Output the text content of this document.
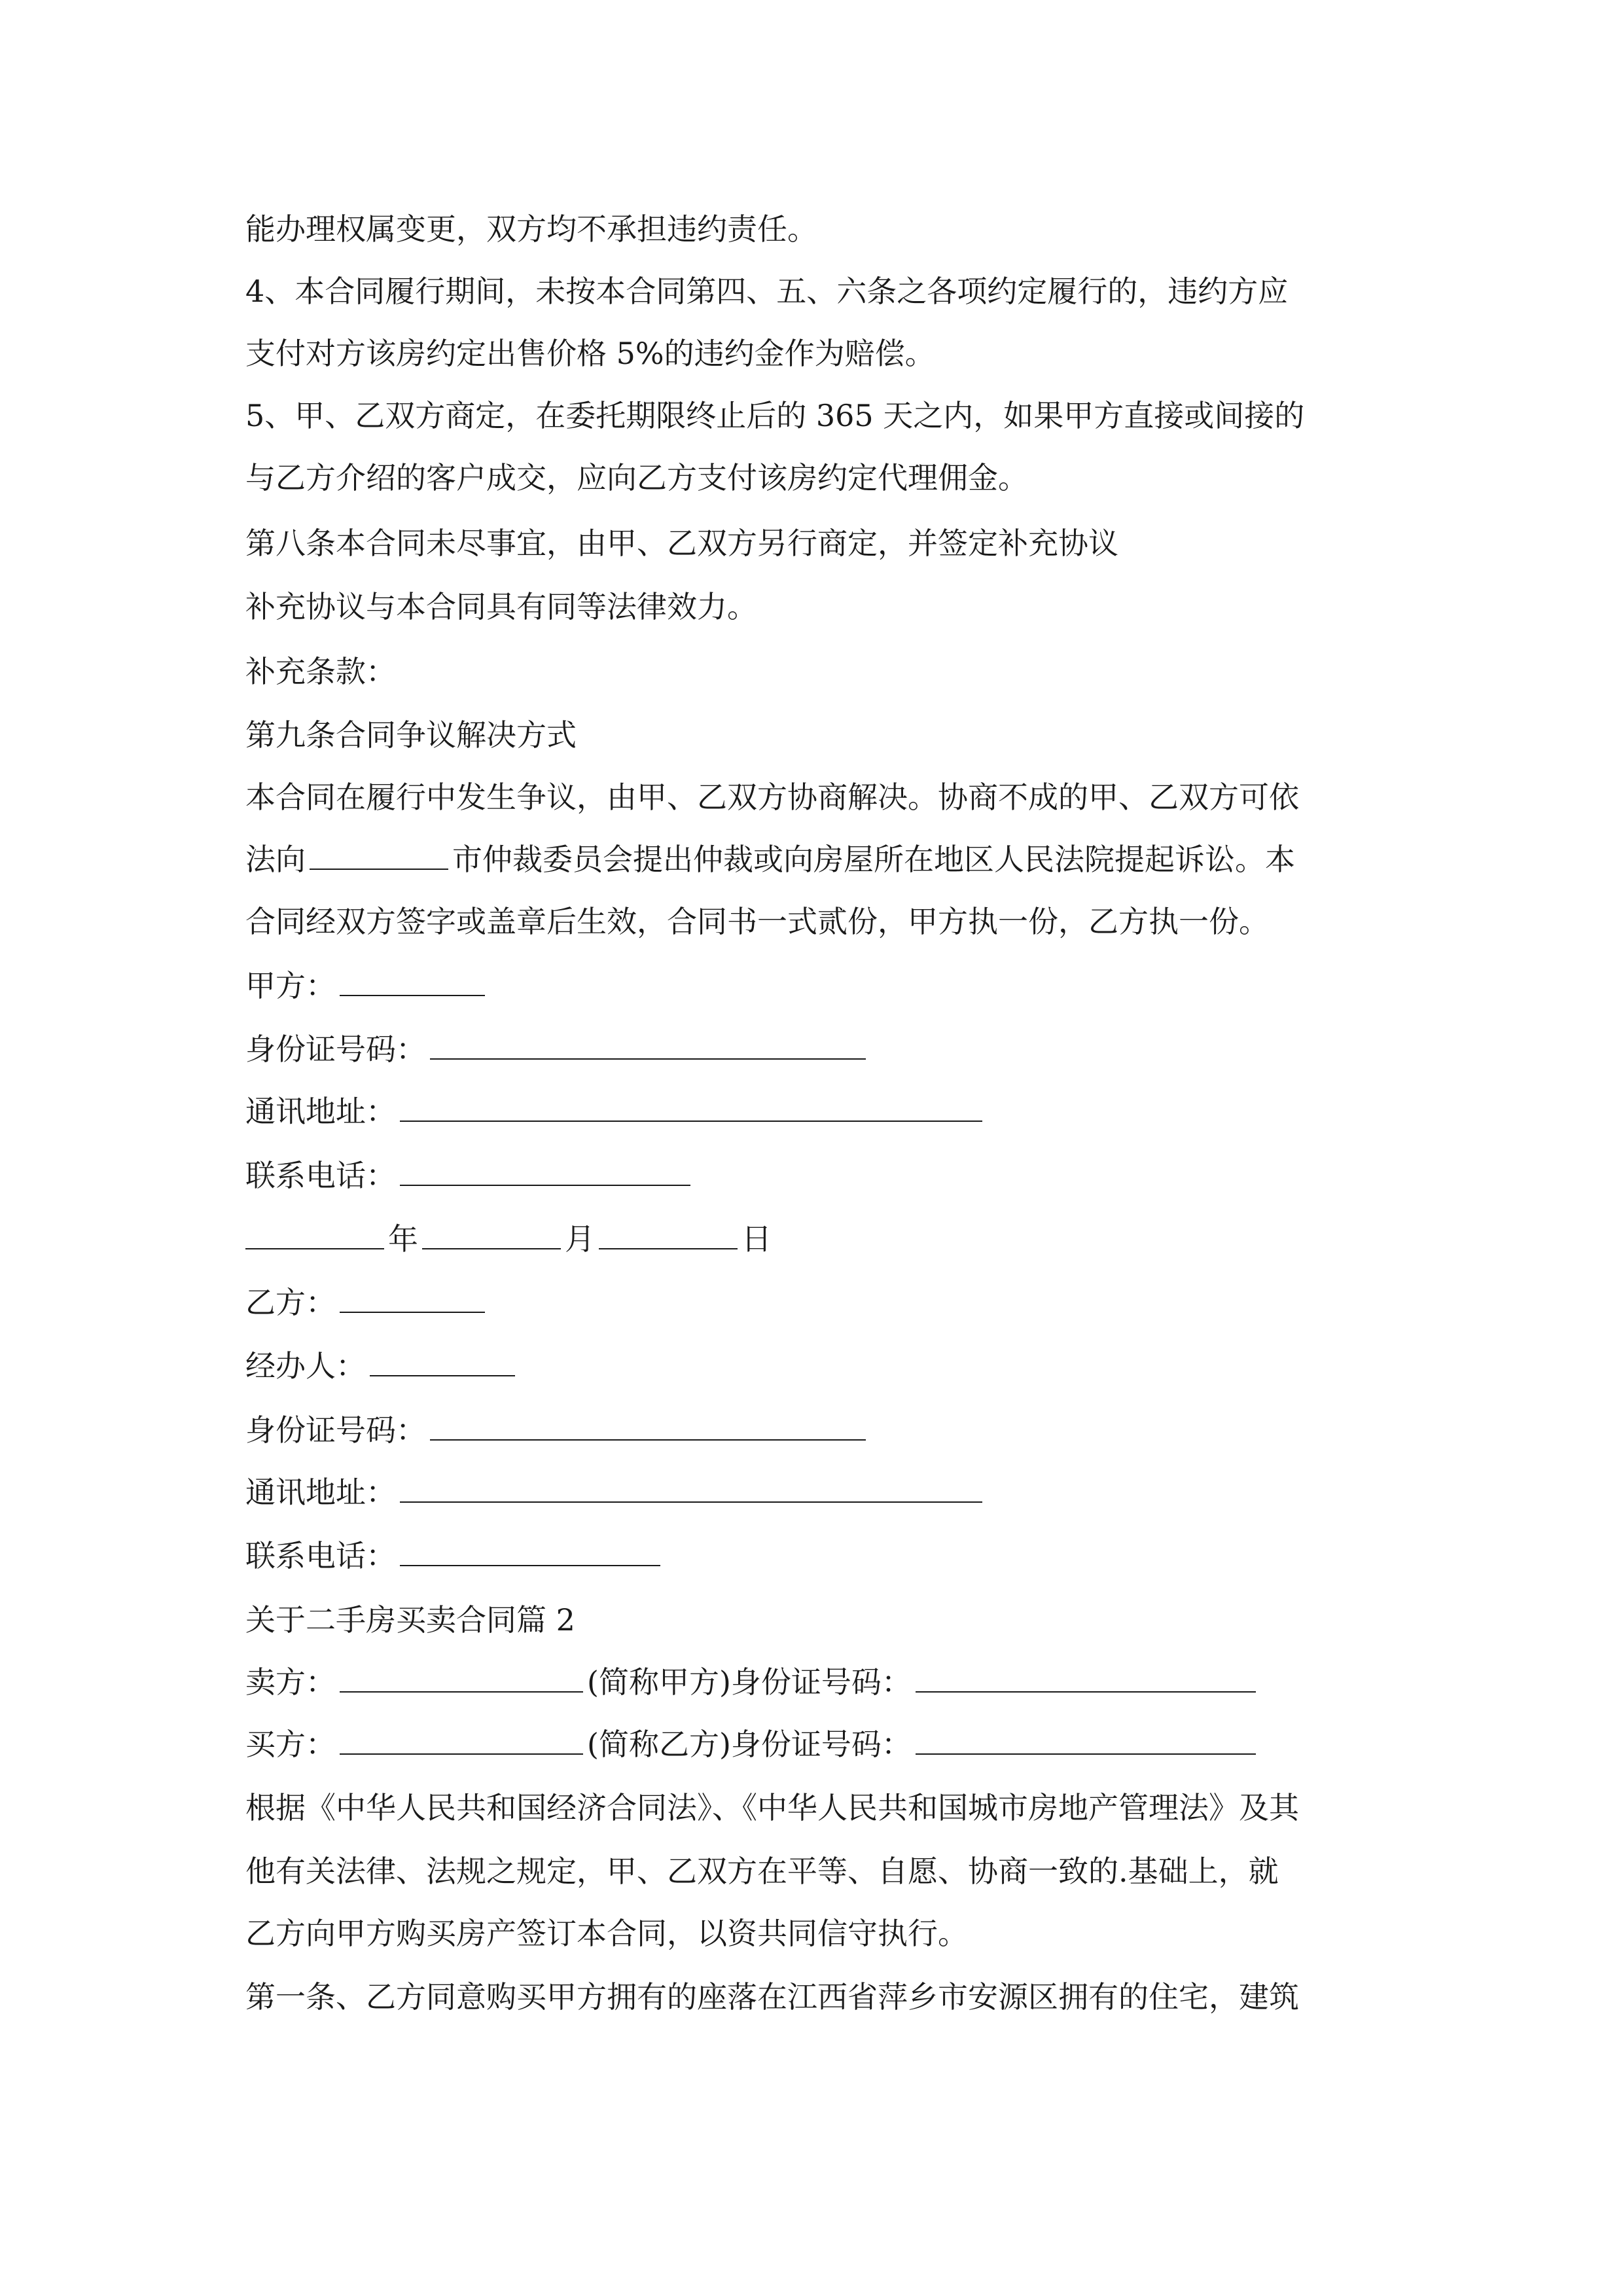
能办理权属变更，双方均不承担违约责任。
4、本合同履行期间，未按本合同第四、五、六条之各项约定履行的，违约方应
支付对方该房约定出售价格 5%的违约金作为赔偿。
5、甲、乙双方商定，在委托期限终止后的 365 天之内，如果甲方直接或间接的
与乙方介绍的客户成交，应向乙方支付该房约定代理佣金。
第八条本合同未尽事宜，由甲、乙双方另行商定，并签定补充协议
补充协议与本合同具有同等法律效力。
补充条款：
第九条合同争议解决方式
本合同在履行中发生争议，由甲、乙双方协商解决。协商不成的甲、乙双方可依
法向	市仲裁委员会提出仲裁或向房屋所在地区人民法院提起诉讼。本
合同经双方签字或盖章后生效，合同书一式贰份，甲方执一份，乙方执一份。
甲方：
身份证号码：
通讯地址：
联系电话：
年	月	日
乙方：
经办人：
身份证号码：
通讯地址：
联系电话：
关于二手房买卖合同篇 2
卖方：	(简称甲方)身份证号码：
买方：	(简称乙方)身份证号码：
根据《中华人民共和国经济合同法》、《中华人民共和国城市房地产管理法》及其
他有关法律、法规之规定，甲、乙双方在平等、自愿、协商一致的.基础上，就
乙方向甲方购买房产签订本合同，以资共同信守执行。
第一条、乙方同意购买甲方拥有的座落在江西省萍乡市安源区拥有的住宅，建筑
